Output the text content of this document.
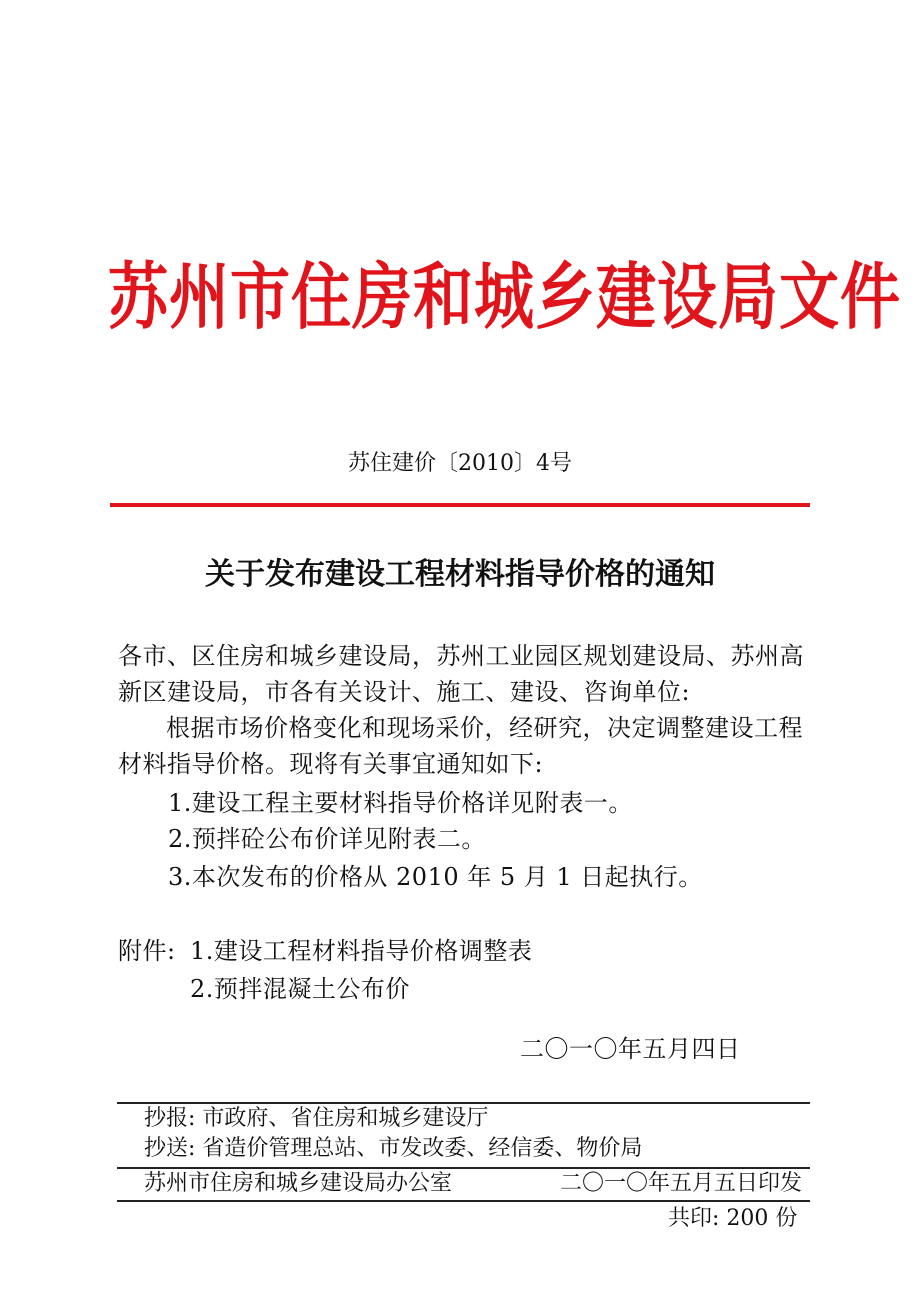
苏州市住房和城乡建设局文件
苏住建价〔2010〕4号
关于发布建设工程材料指导价格的通知
各市、区住房和城乡建设局，苏州工业园区规划建设局、苏州高
新区建设局，市各有关设计、施工、建设、咨询单位:
根据市场价格变化和现场采价，经研究，决定调整建设工程
材料指导价格。现将有关事宜通知如下:
1.建设工程主要材料指导价格详见附表一。
2.预拌砼公布价详见附表二。
3.本次发布的价格从 2010 年 5 月 1 日起执行。
附件: 1.建设工程材料指导价格调整表
2.预拌混凝土公布价
二〇一〇年五月四日
抄报: 市政府、省住房和城乡建设厅
抄送: 省造价管理总站、市发改委、经信委、物价局
苏州市住房和城乡建设局办公室	二〇一〇年五月五日印发
共印: 200 份
